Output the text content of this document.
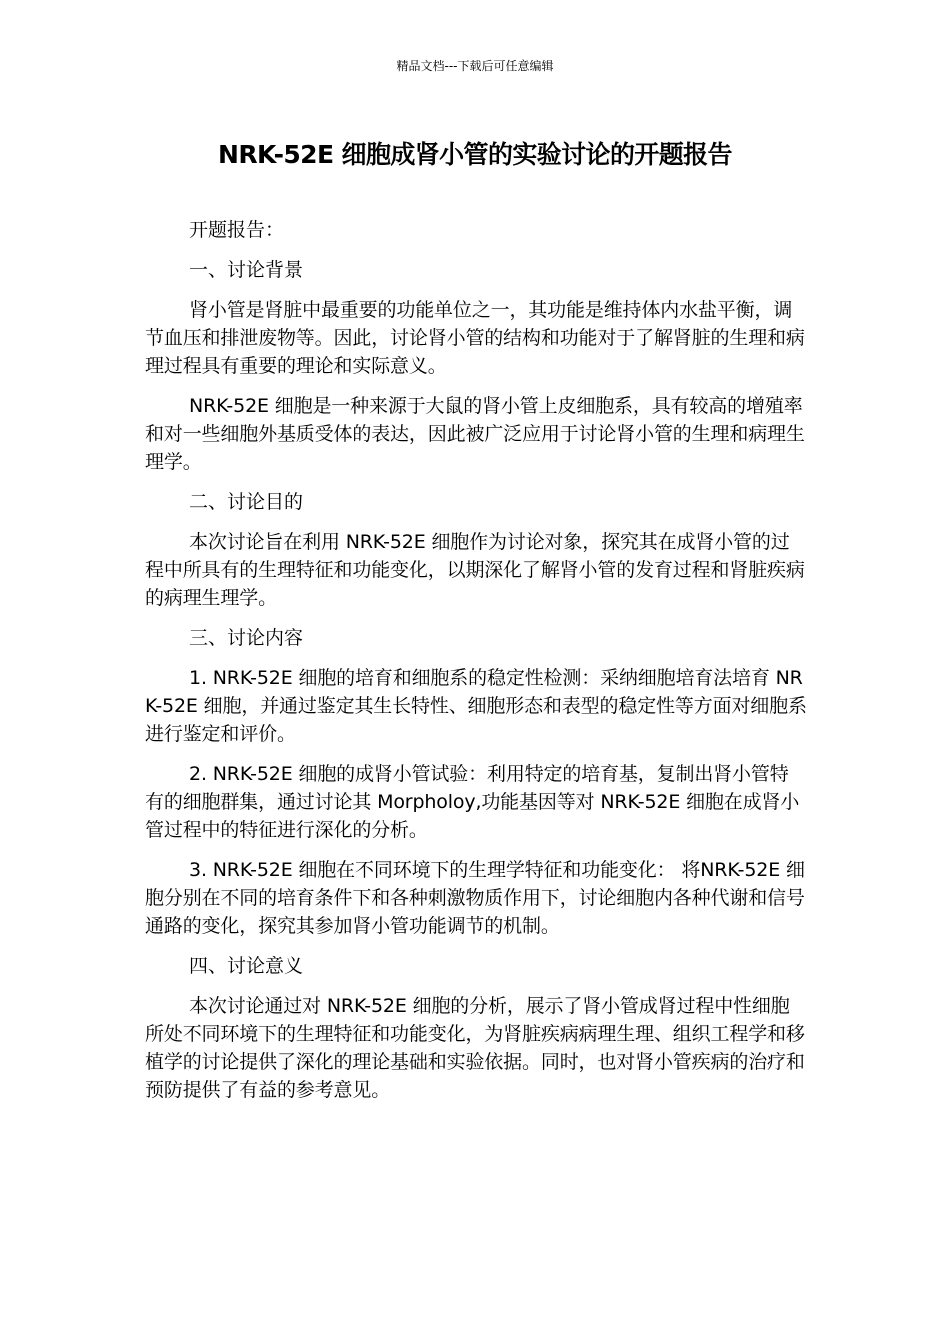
精品文档---下载后可任意编辑
NRK-52E 细胞成肾小管的实验讨论的开题报告

开题报告：

一、讨论背景

肾小管是肾脏中最重要的功能单位之一，其功能是维持体内水盐平衡，调节血压和排泄废物等。因此，讨论肾小管的结构和功能对于了解肾脏的生理和病理过程具有重要的理论和实际意义。

NRK-52E 细胞是一种来源于大鼠的肾小管上皮细胞系，具有较高的增殖率和对一些细胞外基质受体的表达，因此被广泛应用于讨论肾小管的生理和病理生理学。

二、讨论目的

本次讨论旨在利用 NRK-52E 细胞作为讨论对象，探究其在成肾小管的过程中所具有的生理特征和功能变化，以期深化了解肾小管的发育过程和肾脏疾病的病理生理学。

三、讨论内容

1. NRK-52E 细胞的培育和细胞系的稳定性检测：采纳细胞培育法培育 NRK-52E 细胞，并通过鉴定其生长特性、细胞形态和表型的稳定性等方面对细胞系进行鉴定和评价。

2. NRK-52E 细胞的成肾小管试验：利用特定的培育基，复制出肾小管特有的细胞群集，通过讨论其 Morpholoy,功能基因等对 NRK-52E 细胞在成肾小管过程中的特征进行深化的分析。

3. NRK-52E 细胞在不同环境下的生理学特征和功能变化： 将NRK-52E 细胞分别在不同的培育条件下和各种刺激物质作用下，讨论细胞内各种代谢和信号通路的变化，探究其参加肾小管功能调节的机制。

四、讨论意义

本次讨论通过对 NRK-52E 细胞的分析，展示了肾小管成肾过程中性细胞所处不同环境下的生理特征和功能变化，为肾脏疾病病理生理、组织工程学和移植学的讨论提供了深化的理论基础和实验依据。同时，也对肾小管疾病的治疗和预防提供了有益的参考意见。
